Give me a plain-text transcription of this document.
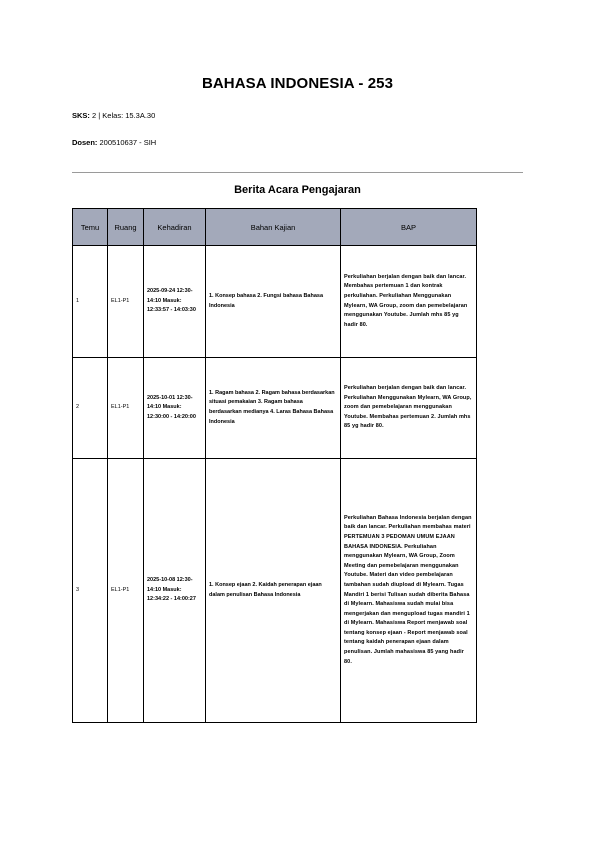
BAHASA INDONESIA - 253
SKS: 2 | Kelas: 15.3A.30
Dosen: 200510637 - SIH
Berita Acara Pengajaran
Temu	Ruang	Kehadiran	Bahan Kajian	BAP
1	EL1-P1	2025-09-24 12:30-14:10 Masuk: 12:33:57 - 14:03:30	1. Konsep bahasa 2. Fungsi bahasa Bahasa Indonesia	Perkuliahan berjalan dengan baik dan lancar. Membahas pertemuan 1 dan kontrak perkuliahan. Perkuliahan Menggunakan Mylearn, WA Group, zoom dan pemebelajaran menggunakan Youtube. Jumlah mhs 85 yg hadir 80.
2	EL1-P1	2025-10-01 12:30-14:10 Masuk: 12:30:00 - 14:20:00	1. Ragam bahasa 2. Ragam bahasa berdasarkan situasi pemakaian 3. Ragam bahasa berdasarkan medianya 4. Laras Bahasa Bahasa Indonesia	Perkuliahan berjalan dengan baik dan lancar. Perkuliahan Menggunakan Mylearn, WA Group, zoom dan pemebelajaran menggunakan Youtube. Membahas pertemuan 2. Jumlah mhs 85 yg hadir 80.
3	EL1-P1	2025-10-08 12:30-14:10 Masuk: 12:34:22 - 14:00:27	1. Konsep ejaan 2. Kaidah penerapan ejaan dalam penulisan Bahasa Indonesia	Perkuliahan Bahasa Indonesia berjalan dengan baik dan lancar. Perkuliahan membahas materi PERTEMUAN 3 PEDOMAN UMUM EJAAN BAHASA INDONESIA. Perkuliahan menggunakan Mylearn, WA Group, Zoom Meeting dan pemebelajaran menggunakan Youtube. Materi dan video pembelajaran tambahan sudah diupload di Mylearn. Tugas Mandiri 1 berisi Tulisan sudah diberita Bahasa di Mylearn. Mahasiswa sudah mulai bisa mengerjakan dan mengupload tugas mandiri 1 di Mylearn. Mahasiswa Report menjawab soal tentang konsep ejaan - Report menjawab soal tentang kaidah penerapan ejaan dalam penulisan. Jumlah mahasiswa 85 yang hadir 80.
